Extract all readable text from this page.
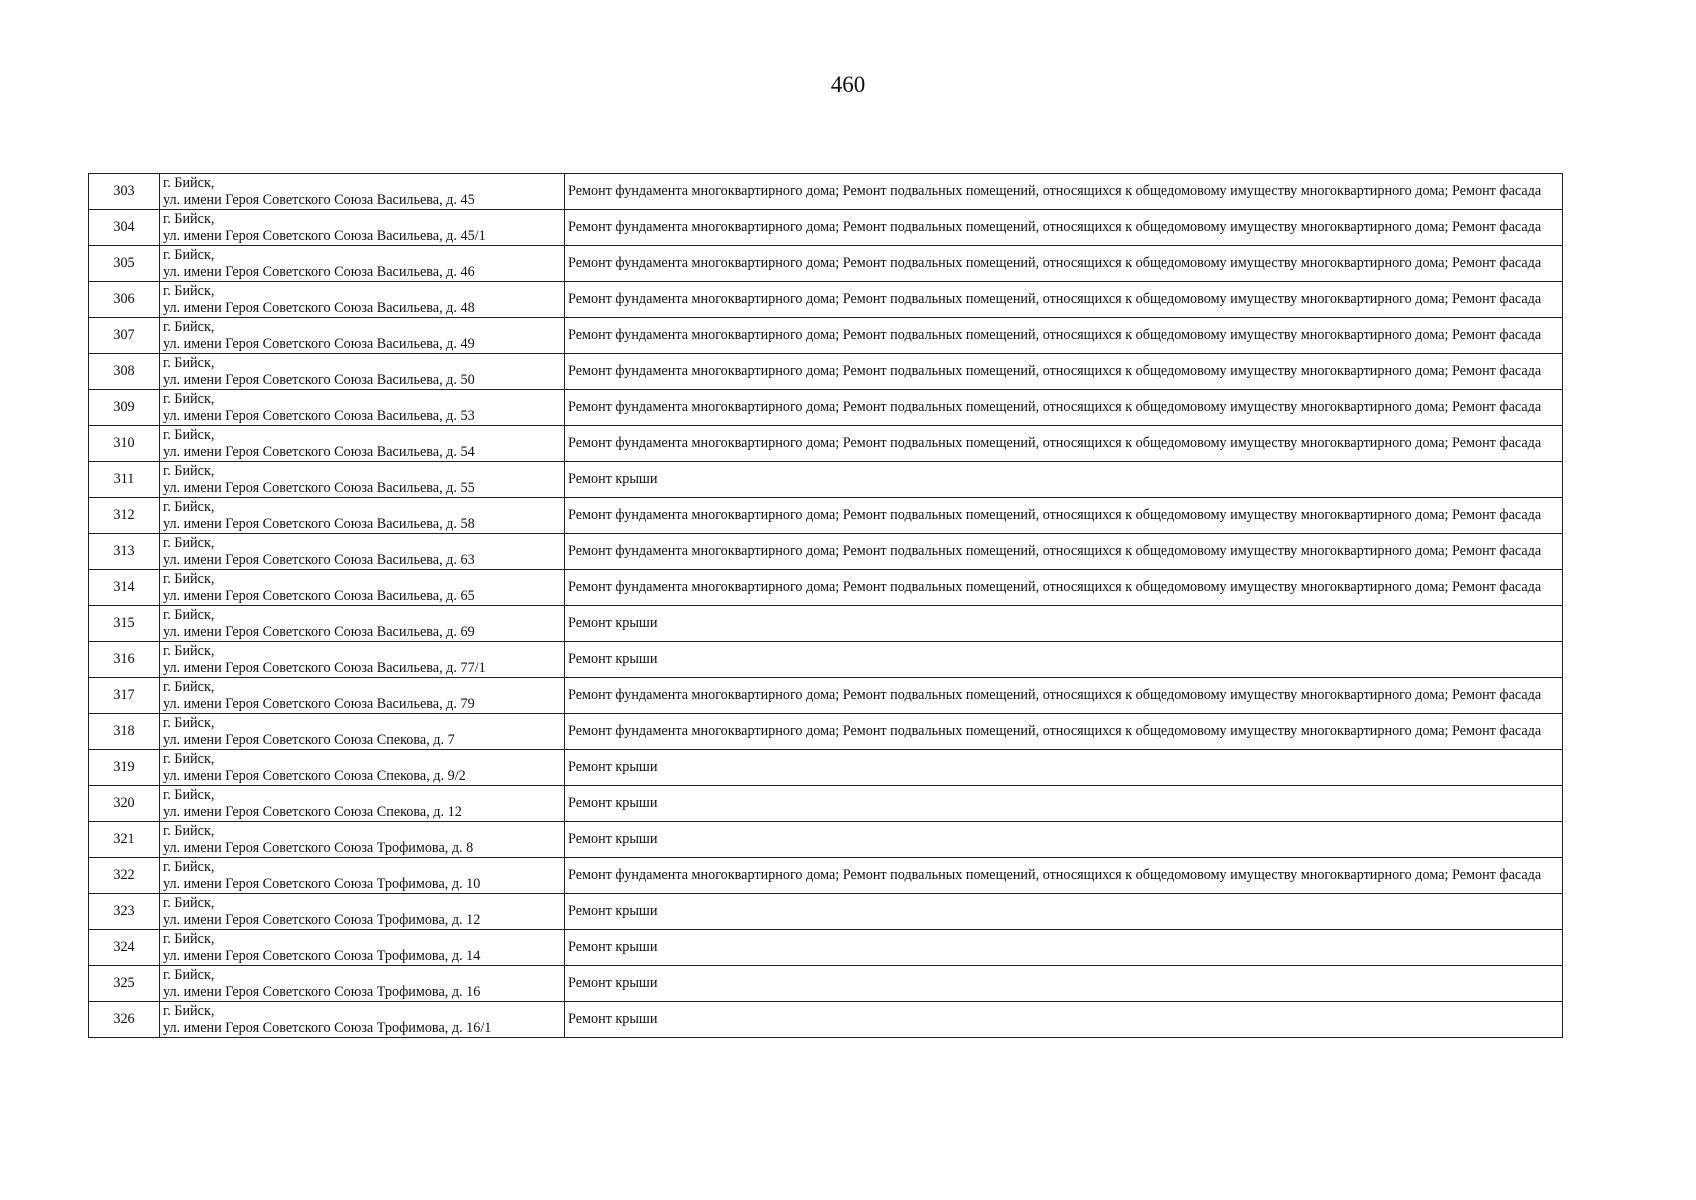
460
303	г. Бийск,
ул. имени Героя Советского Союза Васильева, д. 45	Ремонт фундамента многоквартирного дома; Ремонт подвальных помещений, относящихся к общедомовому имуществу многоквартирного дома; Ремонт фасада
304	г. Бийск,
ул. имени Героя Советского Союза Васильева, д. 45/1	Ремонт фундамента многоквартирного дома; Ремонт подвальных помещений, относящихся к общедомовому имуществу многоквартирного дома; Ремонт фасада
305	г. Бийск,
ул. имени Героя Советского Союза Васильева, д. 46	Ремонт фундамента многоквартирного дома; Ремонт подвальных помещений, относящихся к общедомовому имуществу многоквартирного дома; Ремонт фасада
306	г. Бийск,
ул. имени Героя Советского Союза Васильева, д. 48	Ремонт фундамента многоквартирного дома; Ремонт подвальных помещений, относящихся к общедомовому имуществу многоквартирного дома; Ремонт фасада
307	г. Бийск,
ул. имени Героя Советского Союза Васильева, д. 49	Ремонт фундамента многоквартирного дома; Ремонт подвальных помещений, относящихся к общедомовому имуществу многоквартирного дома; Ремонт фасада
308	г. Бийск,
ул. имени Героя Советского Союза Васильева, д. 50	Ремонт фундамента многоквартирного дома; Ремонт подвальных помещений, относящихся к общедомовому имуществу многоквартирного дома; Ремонт фасада
309	г. Бийск,
ул. имени Героя Советского Союза Васильева, д. 53	Ремонт фундамента многоквартирного дома; Ремонт подвальных помещений, относящихся к общедомовому имуществу многоквартирного дома; Ремонт фасада
310	г. Бийск,
ул. имени Героя Советского Союза Васильева, д. 54	Ремонт фундамента многоквартирного дома; Ремонт подвальных помещений, относящихся к общедомовому имуществу многоквартирного дома; Ремонт фасада
311	г. Бийск,
ул. имени Героя Советского Союза Васильева, д. 55	Ремонт крыши
312	г. Бийск,
ул. имени Героя Советского Союза Васильева, д. 58	Ремонт фундамента многоквартирного дома; Ремонт подвальных помещений, относящихся к общедомовому имуществу многоквартирного дома; Ремонт фасада
313	г. Бийск,
ул. имени Героя Советского Союза Васильева, д. 63	Ремонт фундамента многоквартирного дома; Ремонт подвальных помещений, относящихся к общедомовому имуществу многоквартирного дома; Ремонт фасада
314	г. Бийск,
ул. имени Героя Советского Союза Васильева, д. 65	Ремонт фундамента многоквартирного дома; Ремонт подвальных помещений, относящихся к общедомовому имуществу многоквартирного дома; Ремонт фасада
315	г. Бийск,
ул. имени Героя Советского Союза Васильева, д. 69	Ремонт крыши
316	г. Бийск,
ул. имени Героя Советского Союза Васильева, д. 77/1	Ремонт крыши
317	г. Бийск,
ул. имени Героя Советского Союза Васильева, д. 79	Ремонт фундамента многоквартирного дома; Ремонт подвальных помещений, относящихся к общедомовому имуществу многоквартирного дома; Ремонт фасада
318	г. Бийск,
ул. имени Героя Советского Союза Спекова, д. 7	Ремонт фундамента многоквартирного дома; Ремонт подвальных помещений, относящихся к общедомовому имуществу многоквартирного дома; Ремонт фасада
319	г. Бийск,
ул. имени Героя Советского Союза Спекова, д. 9/2	Ремонт крыши
320	г. Бийск,
ул. имени Героя Советского Союза Спекова, д. 12	Ремонт крыши
321	г. Бийск,
ул. имени Героя Советского Союза Трофимова, д. 8	Ремонт крыши
322	г. Бийск,
ул. имени Героя Советского Союза Трофимова, д. 10	Ремонт фундамента многоквартирного дома; Ремонт подвальных помещений, относящихся к общедомовому имуществу многоквартирного дома; Ремонт фасада
323	г. Бийск,
ул. имени Героя Советского Союза Трофимова, д. 12	Ремонт крыши
324	г. Бийск,
ул. имени Героя Советского Союза Трофимова, д. 14	Ремонт крыши
325	г. Бийск,
ул. имени Героя Советского Союза Трофимова, д. 16	Ремонт крыши
326	г. Бийск,
ул. имени Героя Советского Союза Трофимова, д. 16/1	Ремонт крыши
